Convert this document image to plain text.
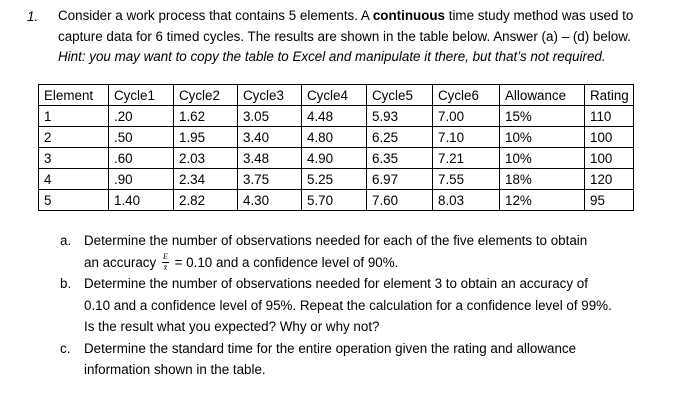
1. Consider a work process that contains 5 elements. A continuous time study method was used to
capture data for 6 timed cycles. The results are shown in the table below. Answer (a) – (d) below.
Hint: you may want to copy the table to Excel and manipulate it there, but that’s not required.
Element	Cycle1	Cycle2	Cycle3	Cycle4	Cycle5	Cycle6	Allowance	Rating
1	.20	1.62	3.05	4.48	5.93	7.00	15%	110
2	.50	1.95	3.40	4.80	6.25	7.10	10%	100
3	.60	2.03	3.48	4.90	6.35	7.21	10%	100
4	.90	2.34	3.75	5.25	6.97	7.55	18%	120
5	1.40	2.82	4.30	5.70	7.60	8.03	12%	95
a. Determine the number of observations needed for each of the five elements to obtain
an accuracy $\frac{E}{x̄} = 0.10$ and a confidence level of 90%.
b. Determine the number of observations needed for element 3 to obtain an accuracy of
0.10 and a confidence level of 95%. Repeat the calculation for a confidence level of 99%.
Is the result what you expected? Why or why not?
c. Determine the standard time for the entire operation given the rating and allowance
information shown in the table.
